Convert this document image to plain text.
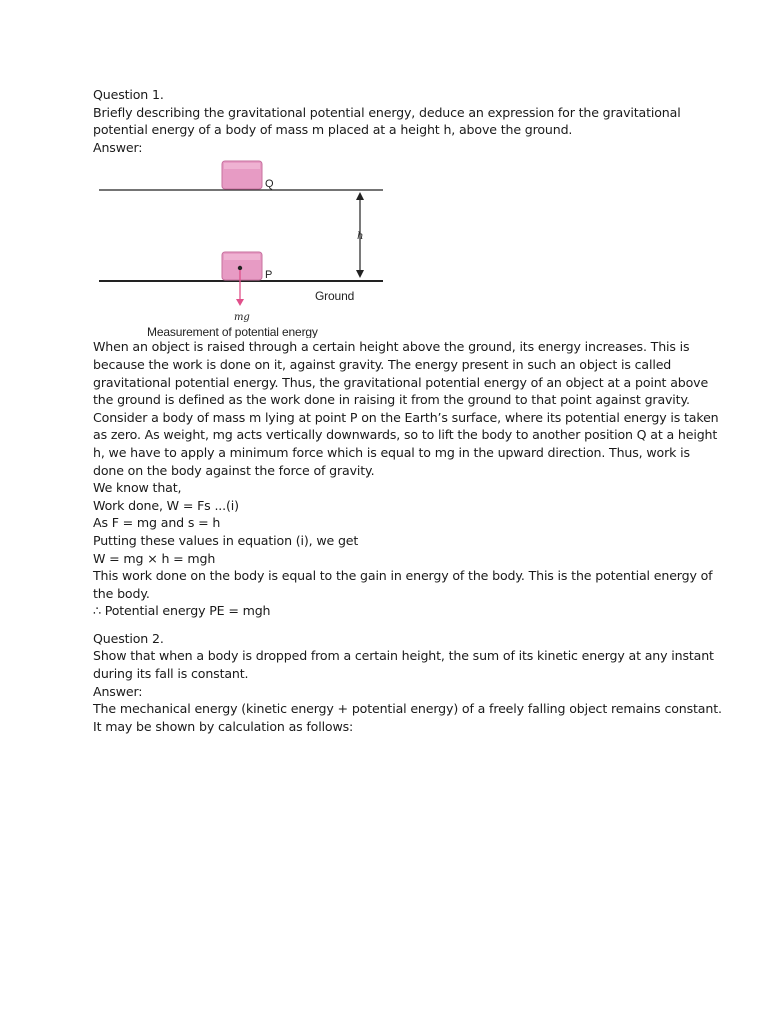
Question 1.

Briefly describing the gravitational potential energy, deduce an expression for the gravitational

potential energy of a body of mass m placed at a height h, above the ground.

Answer:

Q
P
h
Ground
mg
Measurement of potential energy

When an object is raised through a certain height above the ground, its energy increases. This is

because the work is done on it, against gravity. The energy present in such an object is called

gravitational potential energy. Thus, the gravitational potential energy of an object at a point above

the ground is defined as the work done in raising it from the ground to that point against gravity.

Consider a body of mass m lying at point P on the Earth’s surface, where its potential energy is taken

as zero. As weight, mg acts vertically downwards, so to lift the body to another position Q at a height

h, we have to apply a minimum force which is equal to mg in the upward direction. Thus, work is

done on the body against the force of gravity.

We know that,

Work done, W = Fs ...(i)

As F = mg and s = h

Putting these values in equation (i), we get

W = mg × h = mgh

This work done on the body is equal to the gain in energy of the body. This is the potential energy of

the body.

∴ Potential energy PE = mgh

Question 2.

Show that when a body is dropped from a certain height, the sum of its kinetic energy at any instant

during its fall is constant.

Answer:

The mechanical energy (kinetic energy + potential energy) of a freely falling object remains constant.

It may be shown by calculation as follows:
